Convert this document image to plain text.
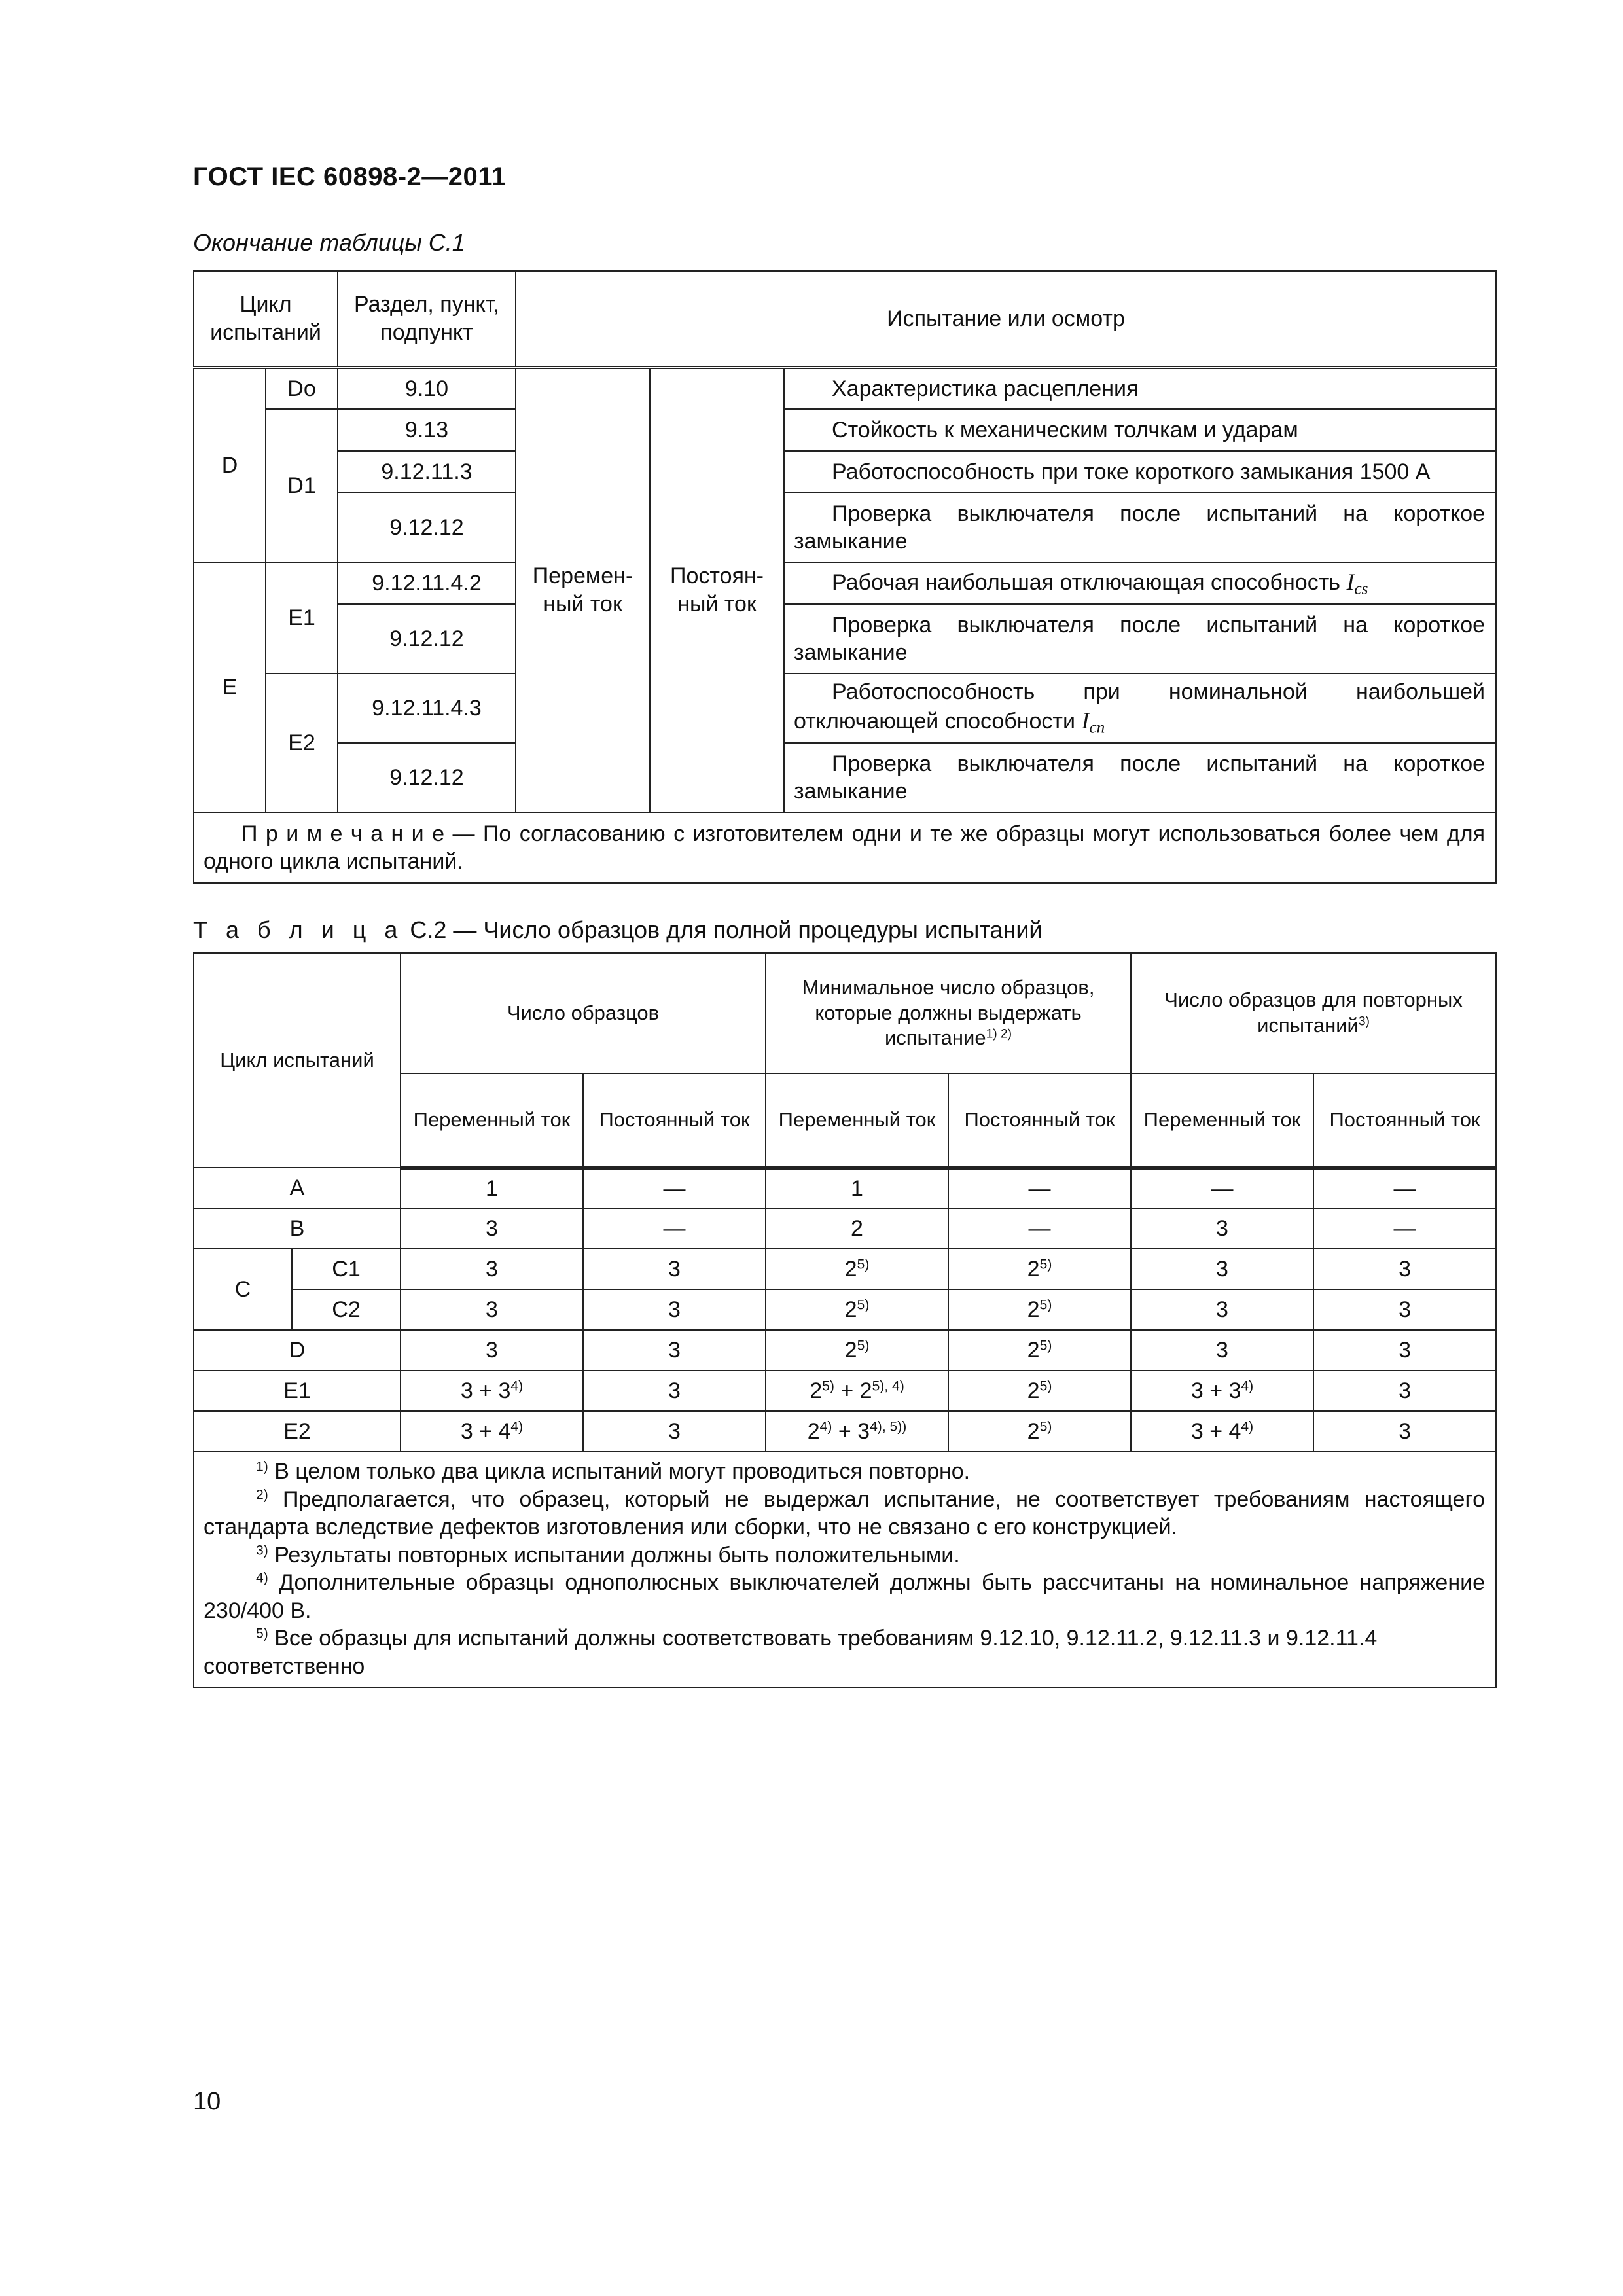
ГОСТ IEC 60898-2—2011
Окончание таблицы С.1
Цикл испытаний		Раздел, пункт, подпункт	Испытание или осмотр		
D	Do	9.10	Перемен-ный ток	Постоян-ный ток	Характеристика расцепления
	D1	9.13			Стойкость к механическим толчкам и ударам
		9.12.11.3			Работоспособность при токе короткого замыкания 1500 А
		9.12.12			Проверка выключателя после испытаний на короткое замыкание
E	E1	9.12.11.4.2			Рабочая наибольшая отключающая способность $I_{cs}$
		9.12.12			Проверка выключателя после испытаний на короткое замыкание
	E2	9.12.11.4.3			Работоспособность при номинальной наибольшей отключающей способности $I_{cn}$
		9.12.12			Проверка выключателя после испытаний на короткое замыкание
П р и м е ч а н и е — По согласованию с изготовителем одни и те же образцы могут использоваться более чем для одного цикла испытаний.					
Т а б л и ц а С.2 — Число образцов для полной процедуры испытаний
Цикл испытаний		Число образцов		Минимальное число образцов, которые должны выдержать испытание$^{1) 2)}$		Число образцов для повторных испытаний$^{3)}$
		Переменный ток	Постоянный ток	Переменный ток	Постоянный ток	Переменный ток	Постоянный ток
A		1	—	1	—	—	—
B		3	—	2	—	3	—
C	C1	3	3	2$^{5)}$	2$^{5)}$	3	3
	C2	3	3	2$^{5)}$	2$^{5)}$	3	3
D		3	3	2$^{5)}$	2$^{5)}$	3	3
E1		$3 + 3^{4)}$	3	$2^{5)} + 2^{5), 4)}$	2$^{5)}$	$3 + 3^{4)}$	3
E2		$3 + 4^{4)}$	3	$2^{4)} + 3^{4), 5))}$	2$^{5)}$	$3 + 4^{4)}$	3

$^{1)}$ В целом только два цикла испытаний могут проводиться повторно.
$^{2)}$ Предполагается, что образец, который не выдержал испытание, не соответствует требованиям настоящего стандарта вследствие дефектов изготовления или сборки, что не связано с его конструкцией.
$^{3)}$ Результаты повторных испытании должны быть положительными.
$^{4)}$ Дополнительные образцы однополюсных выключателей должны быть рассчитаны на номинальное напряжение 230/400 В.
$^{5)}$ Все образцы для испытаний должны соответствовать требованиям 9.12.10, 9.12.11.2, 9.12.11.3 и 9.12.11.4 соответственно							
10
